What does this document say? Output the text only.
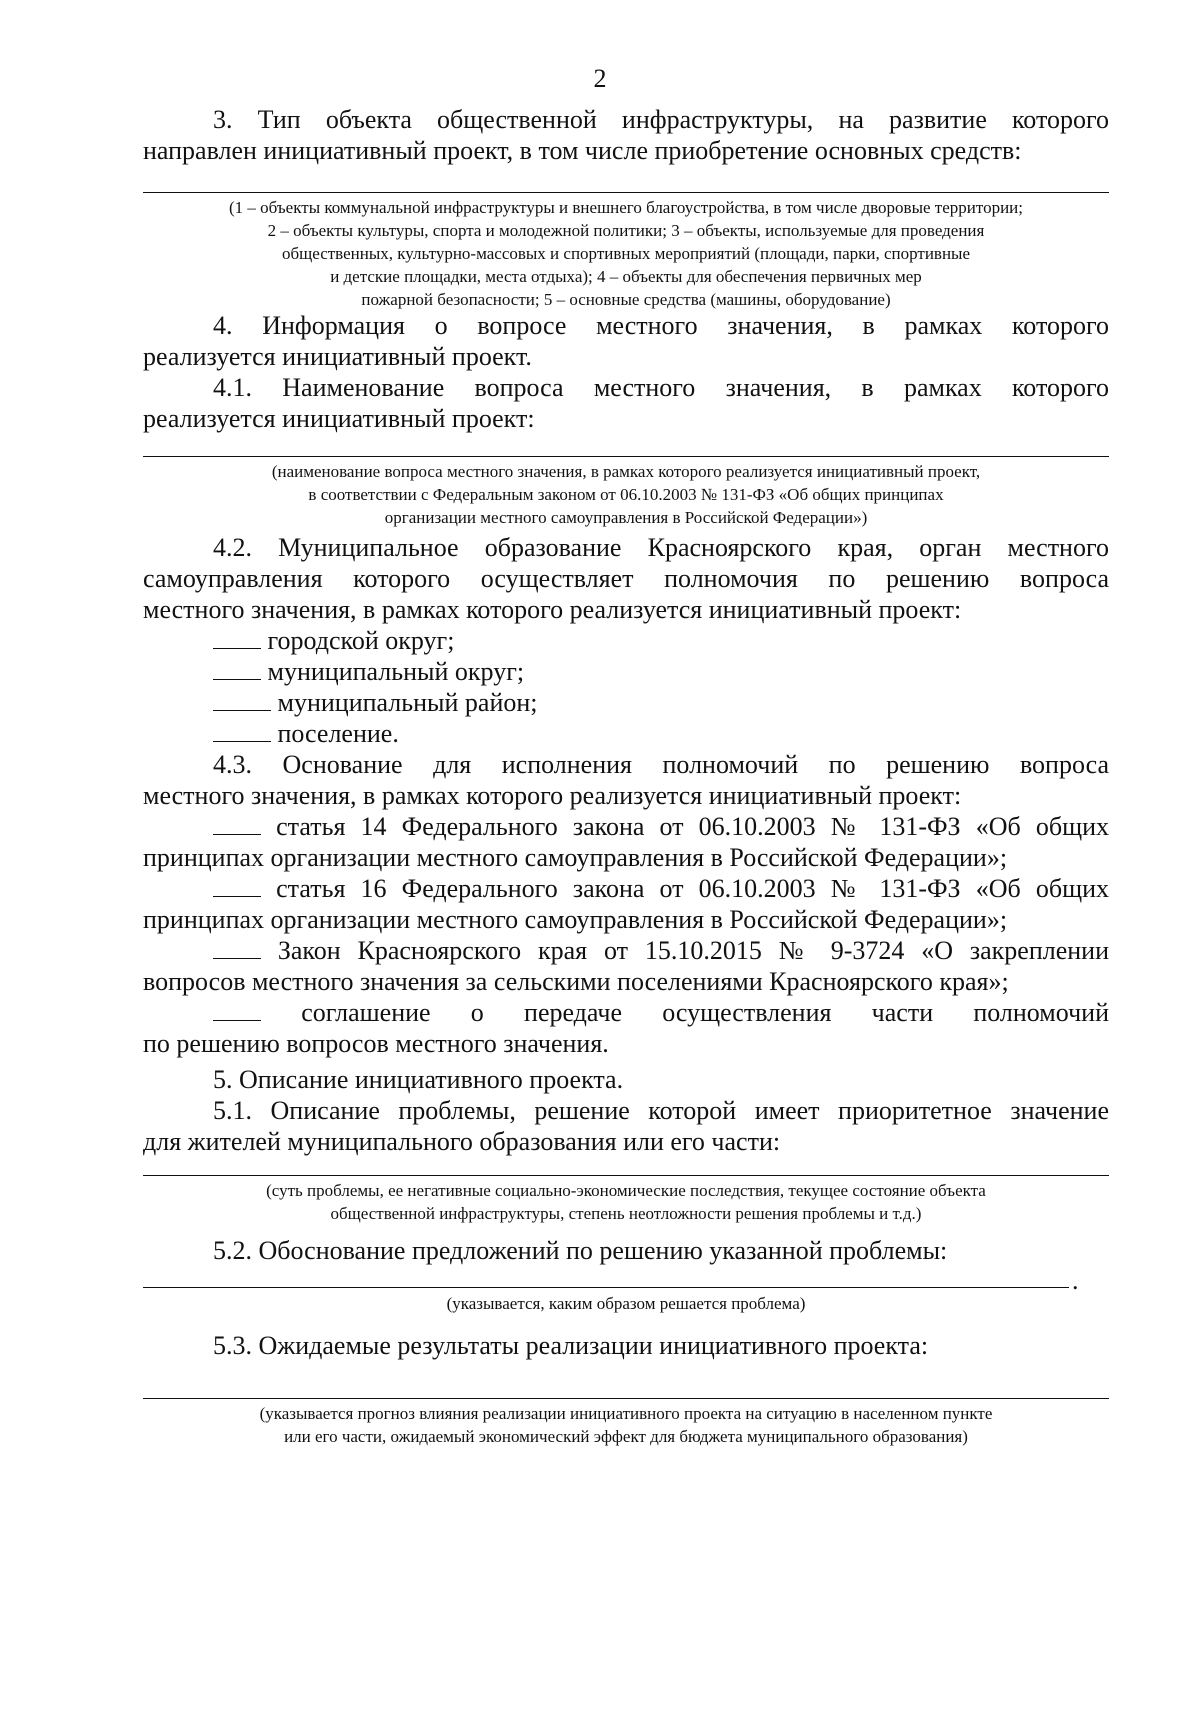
2
3. Тип объекта общественной инфраструктуры, на развитие которого
направлен инициативный проект, в том числе приобретение основных средств:
(1 – объекты коммунальной инфраструктуры и внешнего благоустройства, в том числе дворовые территории;
2 – объекты культуры, спорта и молодежной политики; 3 – объекты, используемые для проведения
общественных, культурно-массовых и спортивных мероприятий (площади, парки, спортивные
и детские площадки, места отдыха); 4 – объекты для обеспечения первичных мер
пожарной безопасности; 5 – основные средства (машины, оборудование)
4. Информация о вопросе местного значения, в рамках которого
реализуется инициативный проект.
4.1. Наименование вопроса местного значения, в рамках которого
реализуется инициативный проект:
(наименование вопроса местного значения, в рамках которого реализуется инициативный проект,
в соответствии с Федеральным законом от 06.10.2003 № 131-ФЗ «Об общих принципах
организации местного самоуправления в Российской Федерации»)
4.2. Муниципальное образование Красноярского края, орган местного
самоуправления которого осуществляет полномочия по решению вопроса
местного значения, в рамках которого реализуется инициативный проект:
городской округ;
муниципальный округ;
муниципальный район;
поселение.
4.3. Основание для исполнения полномочий по решению вопроса
местного значения, в рамках которого реализуется инициативный проект:
статья 14 Федерального закона от 06.10.2003 № 131-ФЗ «Об общих
принципах организации местного самоуправления в Российской Федерации»;
статья 16 Федерального закона от 06.10.2003 № 131-ФЗ «Об общих
принципах организации местного самоуправления в Российской Федерации»;
Закон Красноярского края от 15.10.2015 № 9-3724 «О закреплении
вопросов местного значения за сельскими поселениями Красноярского края»;
соглашение о передаче осуществления части полномочий
по решению вопросов местного значения.
5. Описание инициативного проекта.
5.1. Описание проблемы, решение которой имеет приоритетное значение
для жителей муниципального образования или его части:
(суть проблемы, ее негативные социально-экономические последствия, текущее состояние объекта
общественной инфраструктуры, степень неотложности решения проблемы и т.д.)
5.2. Обоснование предложений по решению указанной проблемы:
.
(указывается, каким образом решается проблема)
5.3. Ожидаемые результаты реализации инициативного проекта:
(указывается прогноз влияния реализации инициативного проекта на ситуацию в населенном пункте
или его части, ожидаемый экономический эффект для бюджета муниципального образования)
